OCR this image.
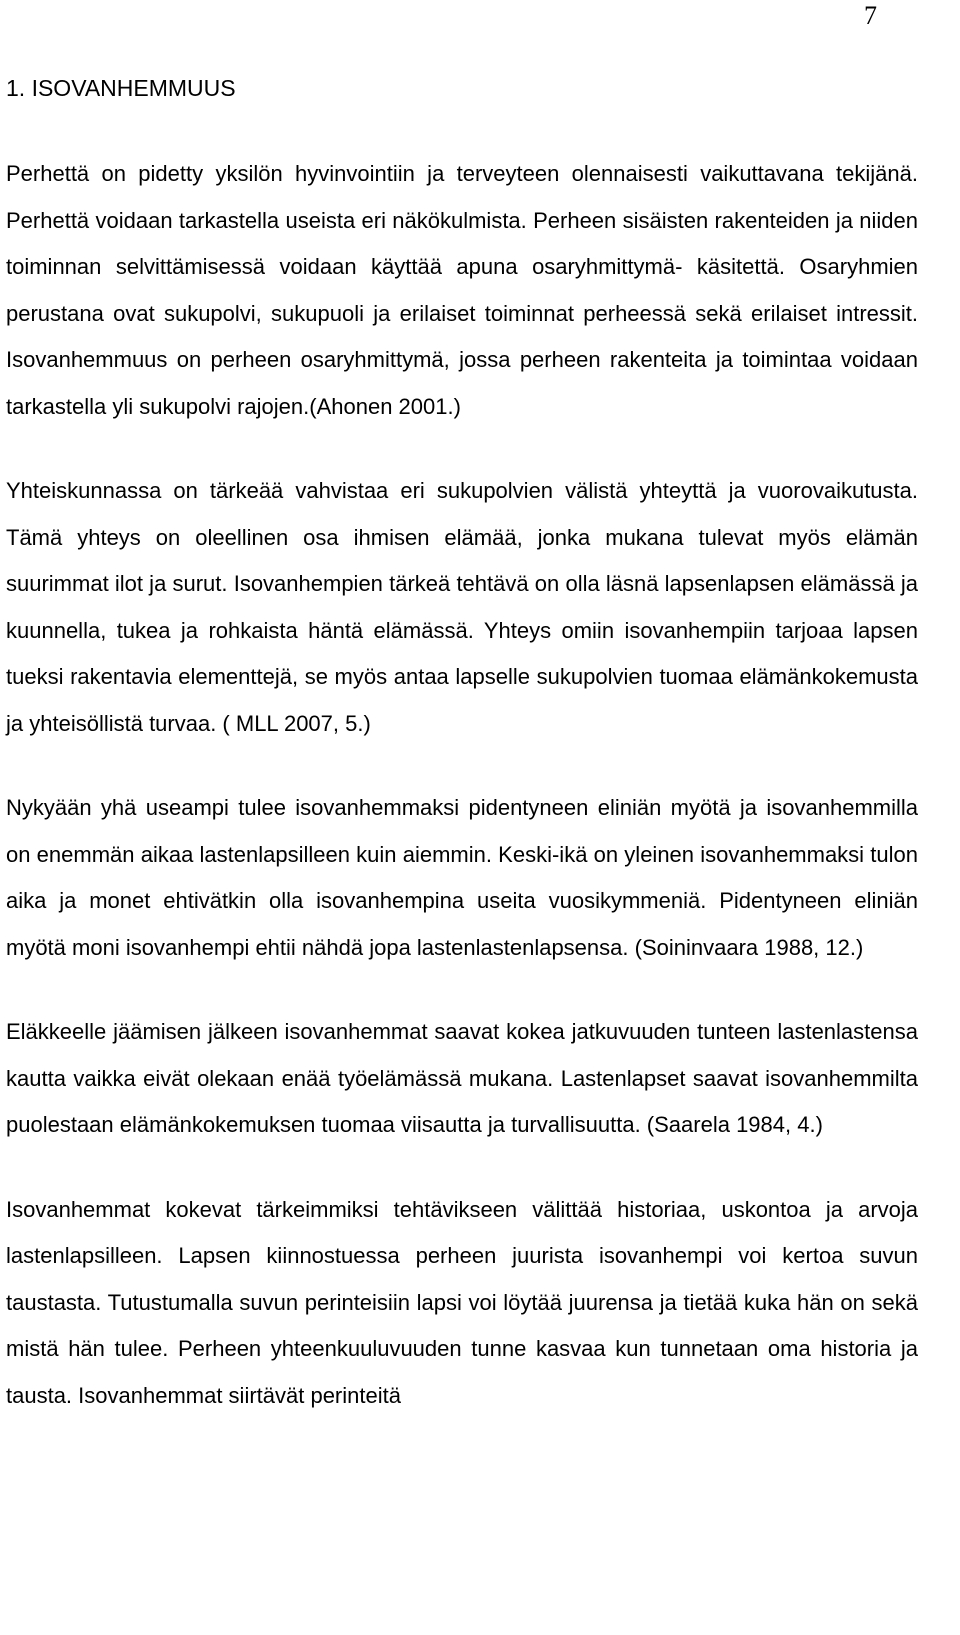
7
1. ISOVANHEMMUUS

Perhettä on pidetty yksilön hyvinvointiin ja terveyteen olennaisesti vaikuttavana tekijänä. Perhettä voidaan tarkastella useista eri näkökulmista. Perheen sisäisten rakenteiden ja niiden toiminnan selvittämisessä voidaan käyttää apuna osaryhmittymä- käsitettä. Osaryhmien perustana ovat sukupolvi, sukupuoli ja erilaiset toiminnat perheessä sekä erilaiset intressit. Isovanhemmuus on perheen osaryhmittymä, jossa perheen rakenteita ja toimintaa voidaan tarkastella yli sukupolvi rajojen.(Ahonen 2001.)

Yhteiskunnassa on tärkeää vahvistaa eri sukupolvien välistä yhteyttä ja vuorovaikutusta. Tämä yhteys on oleellinen osa ihmisen elämää, jonka mukana tulevat myös elämän suurimmat ilot ja surut. Isovanhempien tärkeä tehtävä on olla läsnä lapsenlapsen elämässä ja kuunnella, tukea ja rohkaista häntä elämässä. Yhteys omiin isovanhempiin tarjoaa lapsen tueksi rakentavia elementtejä, se myös antaa lapselle sukupolvien tuomaa elämänkokemusta ja yhteisöllistä turvaa. ( MLL 2007, 5.)

Nykyään yhä useampi tulee isovanhemmaksi pidentyneen eliniän myötä ja isovanhemmilla on enemmän aikaa lastenlapsilleen kuin aiemmin. Keski-ikä on yleinen isovanhemmaksi tulon aika ja monet ehtivätkin olla isovanhempina useita vuosikymmeniä. Pidentyneen eliniän myötä moni isovanhempi ehtii nähdä jopa lastenlastenlapsensa. (Soininvaara 1988, 12.)

Eläkkeelle jäämisen jälkeen isovanhemmat saavat kokea jatkuvuuden tunteen lastenlastensa kautta vaikka eivät olekaan enää työelämässä mukana. Lastenlapset saavat isovanhemmilta puolestaan elämänkokemuksen tuomaa viisautta ja turvallisuutta. (Saarela 1984, 4.)

Isovanhemmat kokevat tärkeimmiksi tehtävikseen välittää historiaa, uskontoa ja arvoja lastenlapsilleen. Lapsen kiinnostuessa perheen juurista isovanhempi voi kertoa suvun taustasta. Tutustumalla suvun perinteisiin lapsi voi löytää juurensa ja tietää kuka hän on sekä mistä hän tulee. Perheen yhteenkuuluvuuden tunne kasvaa kun tunnetaan oma historia ja tausta. Isovanhemmat siirtävät perinteitä
